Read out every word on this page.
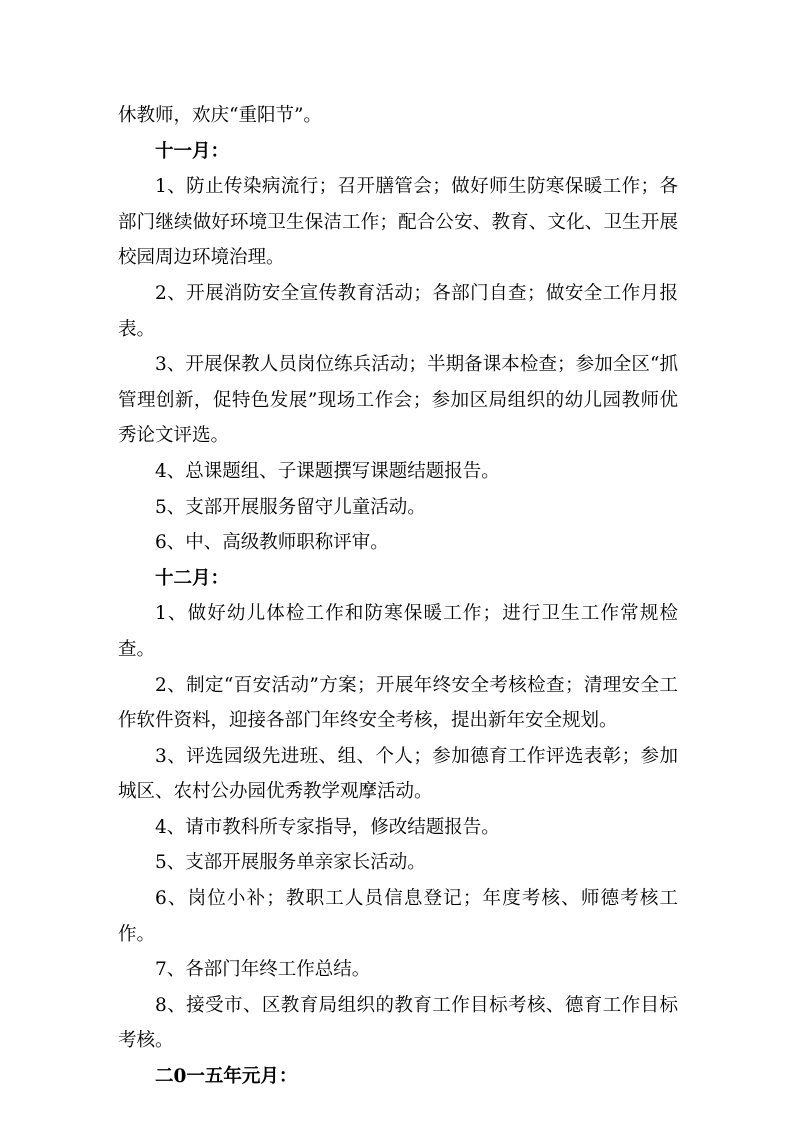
休教师，欢庆“重阳节”。

十一月：

1、防止传染病流行；召开膳管会；做好师生防寒保暖工作；各部门继续做好环境卫生保洁工作；配合公安、教育、文化、卫生开展校园周边环境治理。

2、开展消防安全宣传教育活动；各部门自查；做安全工作月报表。

3、开展保教人员岗位练兵活动；半期备课本检查；参加全区“抓管理创新，促特色发展”现场工作会；参加区局组织的幼儿园教师优秀论文评选。

4、总课题组、子课题撰写课题结题报告。

5、支部开展服务留守儿童活动。

6、中、高级教师职称评审。

十二月：

1、做好幼儿体检工作和防寒保暖工作；进行卫生工作常规检查。

2、制定“百安活动”方案；开展年终安全考核检查；清理安全工作软件资料，迎接各部门年终安全考核，提出新年安全规划。

3、评选园级先进班、组、个人；参加德育工作评选表彰；参加城区、农村公办园优秀教学观摩活动。

4、请市教科所专家指导，修改结题报告。

5、支部开展服务单亲家长活动。

6、岗位小补；教职工人员信息登记；年度考核、师德考核工作。

7、各部门年终工作总结。

8、接受市、区教育局组织的教育工作目标考核、德育工作目标考核。

二0一五年元月：
